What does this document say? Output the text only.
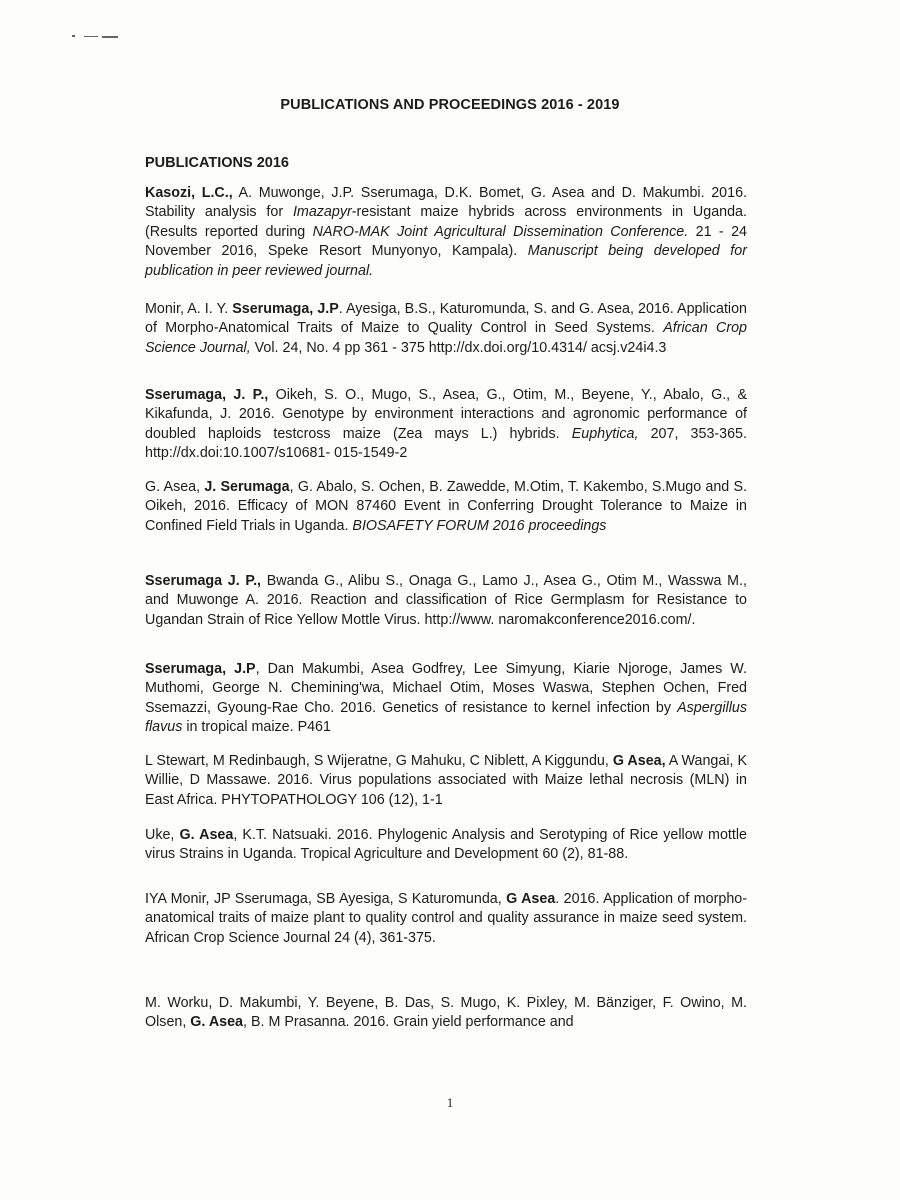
PUBLICATIONS AND PROCEEDINGS 2016 - 2019
PUBLICATIONS 2016
Kasozi, L.C., A. Muwonge, J.P. Sserumaga, D.K. Bomet, G. Asea and D. Makumbi. 2016. Stability analysis for Imazapyr-resistant maize hybrids across environments in Uganda. (Results reported during NARO-MAK Joint Agricultural Dissemination Conference. 21 - 24 November 2016, Speke Resort Munyonyo, Kampala). Manuscript being developed for publication in peer reviewed journal.
Monir, A. I. Y. Sserumaga, J.P. Ayesiga, B.S., Katuromunda, S. and G. Asea, 2016. Application of Morpho-Anatomical Traits of Maize to Quality Control in Seed Systems. African Crop Science Journal, Vol. 24, No. 4 pp 361 - 375 http://dx.doi.org/10.4314/ acsj.v24i4.3
Sserumaga, J. P., Oikeh, S. O., Mugo, S., Asea, G., Otim, M., Beyene, Y., Abalo, G., & Kikafunda, J. 2016. Genotype by environment interactions and agronomic performance of doubled haploids testcross maize (Zea mays L.) hybrids. Euphytica, 207, 353-365. http://dx.doi:10.1007/s10681- 015-1549-2
G. Asea, J. Serumaga, G. Abalo, S. Ochen, B. Zawedde, M.Otim, T. Kakembo, S.Mugo and S. Oikeh, 2016. Efficacy of MON 87460 Event in Conferring Drought Tolerance to Maize in Confined Field Trials in Uganda. BIOSAFETY FORUM 2016 proceedings
Sserumaga J. P., Bwanda G., Alibu S., Onaga G., Lamo J., Asea G., Otim M., Wasswa M., and Muwonge A. 2016. Reaction and classification of Rice Germplasm for Resistance to Ugandan Strain of Rice Yellow Mottle Virus. http://www. naromakconference2016.com/.
Sserumaga, J.P, Dan Makumbi, Asea Godfrey, Lee Simyung, Kiarie Njoroge, James W. Muthomi, George N. Chemining'wa, Michael Otim, Moses Waswa, Stephen Ochen, Fred Ssemazzi, Gyoung-Rae Cho. 2016. Genetics of resistance to kernel infection by Aspergillus flavus in tropical maize. P461
L Stewart, M Redinbaugh, S Wijeratne, G Mahuku, C Niblett, A Kiggundu, G Asea, A Wangai, K Willie, D Massawe. 2016. Virus populations associated with Maize lethal necrosis (MLN) in East Africa. PHYTOPATHOLOGY 106 (12), 1-1
Uke, G. Asea, K.T. Natsuaki. 2016. Phylogenic Analysis and Serotyping of Rice yellow mottle virus Strains in Uganda. Tropical Agriculture and Development 60 (2), 81-88.
IYA Monir, JP Sserumaga, SB Ayesiga, S Katuromunda, G Asea. 2016. Application of morpho-anatomical traits of maize plant to quality control and quality assurance in maize seed system. African Crop Science Journal 24 (4), 361-375.
M. Worku, D. Makumbi, Y. Beyene, B. Das, S. Mugo, K. Pixley, M. Bänziger, F. Owino, M. Olsen, G. Asea, B. M Prasanna. 2016. Grain yield performance and
1
